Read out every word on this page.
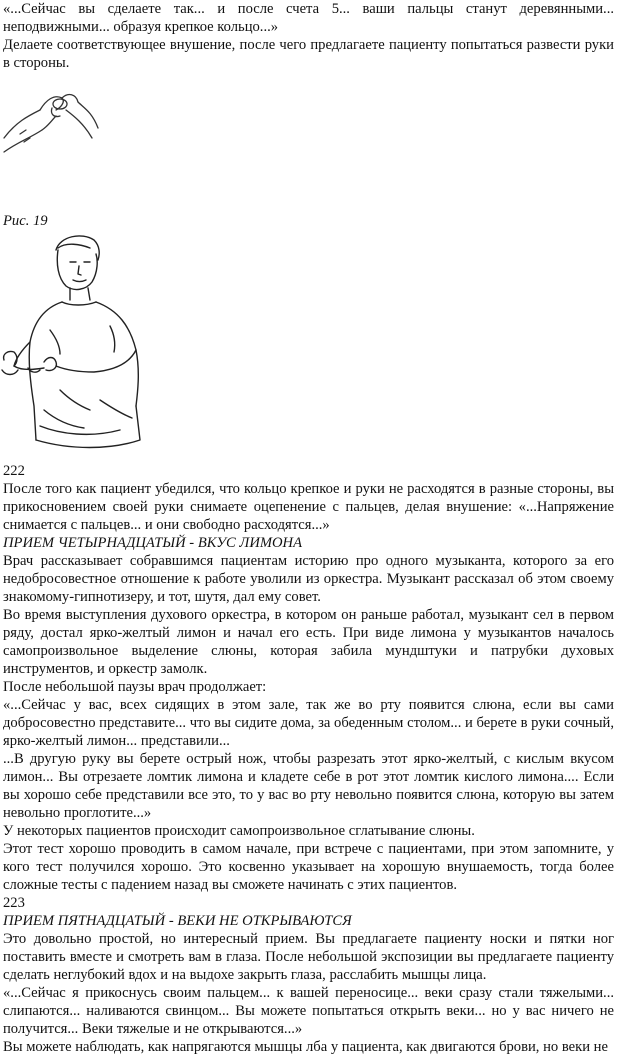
«...Сейчас вы сделаете так... и после счета 5... ваши пальцы станут деревянными...

неподвижными... образуя крепкое кольцо...»

Делаете соответствующее внушение, после чего предлагаете пациенту попытаться развести руки в стороны.

Рис. 19
222

После того как пациент убедился, что кольцо крепкое и руки не расходятся в разные стороны, вы прикосновением своей руки снимаете оцепенение с пальцев, делая внушение: «...Напряжение снимается с пальцев... и они свободно расходятся...»

ПРИЕМ ЧЕТЫРНАДЦАТЫЙ - ВКУС ЛИМОНА

Врач рассказывает собравшимся пациентам историю про одного музыканта, которого за его недобросовестное отношение к работе уволили из оркестра. Музыкант рассказал об этом своему знакомому-гипнотизеру, и тот, шутя, дал ему совет.

Во время выступления духового оркестра, в котором он раньше работал, музыкант сел в первом ряду, достал ярко-желтый лимон и начал его есть. При виде лимона у музыкантов началось самопроизвольное выделение слюны, которая забила мундштуки и патрубки духовых инструментов, и оркестр замолк.

После небольшой паузы врач продолжает:

«...Сейчас у вас, всех сидящих в этом зале, так же во рту появится слюна, если вы сами добросовестно представите... что вы сидите дома, за обеденным столом... и берете в руки сочный, ярко-желтый лимон... представили...

...В другую руку вы берете острый нож, чтобы разрезать этот ярко-желтый, с кислым вкусом лимон... Вы отрезаете ломтик лимона и кладете себе в рот этот ломтик кислого лимона.... Если вы хорошо себе представили все это, то у вас во рту невольно появится слюна, которую вы затем невольно проглотите...»

У некоторых пациентов происходит самопроизвольное сглатывание слюны.

Этот тест хорошо проводить в самом начале, при встрече с пациентами, при этом запомните, у кого тест получился хорошо. Это косвенно указывает на хорошую внушаемость, тогда более сложные тесты с падением назад вы сможете начинать с этих пациентов.

223

ПРИЕМ ПЯТНАДЦАТЫЙ - ВЕКИ НЕ ОТКРЫВАЮТСЯ

Это довольно простой, но интересный прием. Вы предлагаете пациенту носки и пятки ног поставить вместе и смотреть вам в глаза. После небольшой экспозиции вы предлагаете пациенту сделать неглубокий вдох и на выдохе закрыть глаза, расслабить мышцы лица.

«...Сейчас я прикоснусь своим пальцем... к вашей переносице... веки сразу стали тяжелыми... слипаются... наливаются свинцом... Вы можете попытаться открыть веки... но у вас ничего не получится... Веки тяжелые и не открываются...»

Вы можете наблюдать, как напрягаются мышцы лба у пациента, как двигаются брови, но веки не
